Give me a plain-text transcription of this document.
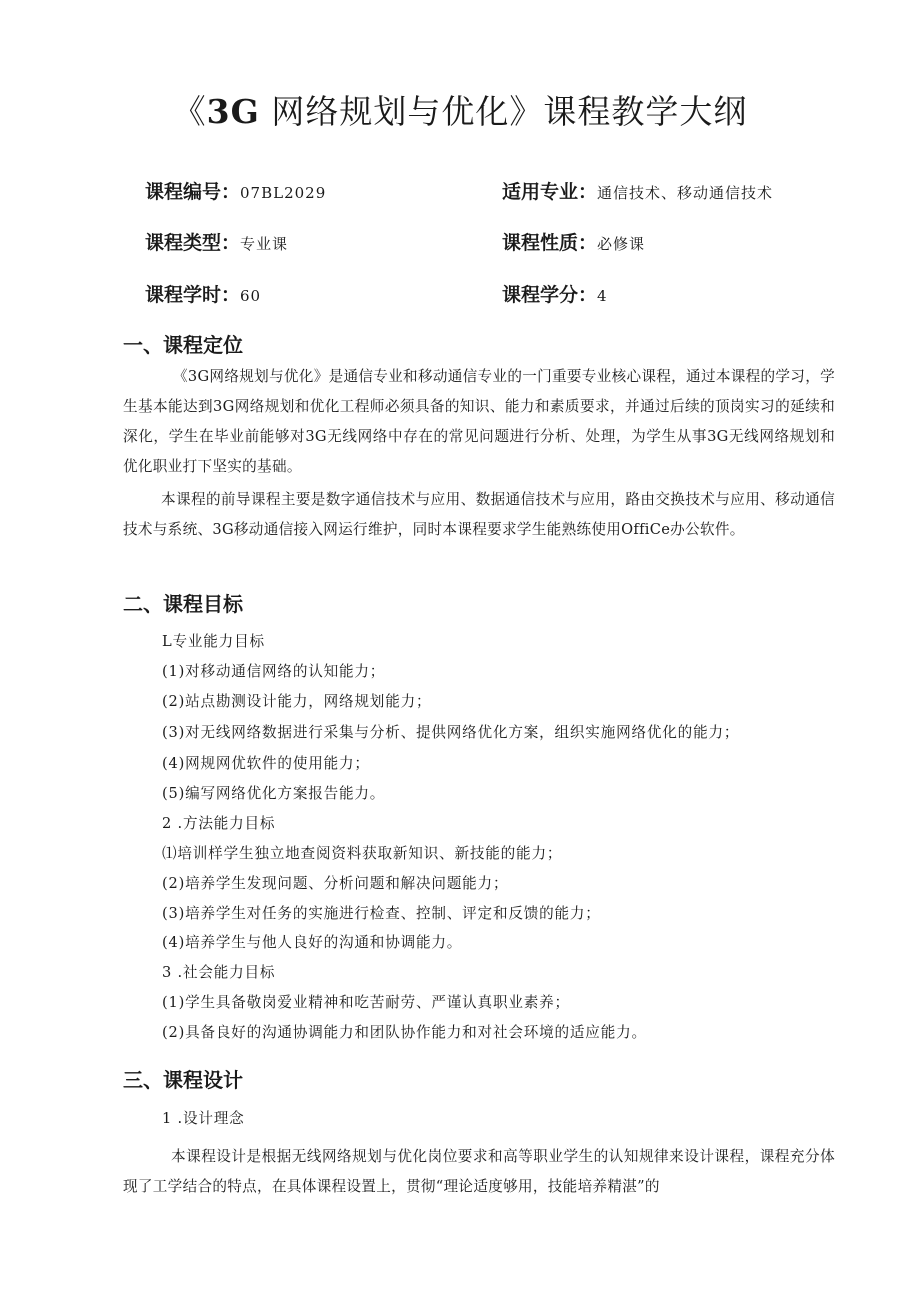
《3G 网络规划与优化》课程教学大纲
课程编号：07BL2029	适用专业：通信技术、移动通信技术
课程类型：专业课	课程性质：必修课
课程学时：60	课程学分：4
一、课程定位

《3G网络规划与优化》是通信专业和移动通信专业的一门重要专业核心课程，通过本课程的学习，学生基本能达到3G网络规划和优化工程师必须具备的知识、能力和素质要求，并通过后续的顶岗实习的延续和深化，学生在毕业前能够对3G无线网络中存在的常见问题进行分析、处理，为学生从事3G无线网络规划和优化职业打下坚实的基础。

本课程的前导课程主要是数字通信技术与应用、数据通信技术与应用，路由交换技术与应用、移动通信技术与系统、3G移动通信接入网运行维护，同时本课程要求学生能熟练使用OffiCe办公软件。

二、课程目标

L专业能力目标

(1)对移动通信网络的认知能力；

(2)站点勘测设计能力，网络规划能力；

(3)对无线网络数据进行采集与分析、提供网络优化方案，组织实施网络优化的能力；

(4)网规网优软件的使用能力；

(5)编写网络优化方案报告能力。

2 .方法能力目标

⑴培训样学生独立地查阅资料获取新知识、新技能的能力；

(2)培养学生发现问题、分析问题和解决问题能力；

(3)培养学生对任务的实施进行检查、控制、评定和反馈的能力；

(4)培养学生与他人良好的沟通和协调能力。

3 .社会能力目标

(1)学生具备敬岗爱业精神和吃苦耐劳、严谨认真职业素养；

(2)具备良好的沟通协调能力和团队协作能力和对社会环境的适应能力。

三、课程设计

1 .设计理念

本课程设计是根据无线网络规划与优化岗位要求和高等职业学生的认知规律来设计课程，课程充分体现了工学结合的特点，在具体课程设置上，贯彻“理论适度够用，技能培养精湛”的
